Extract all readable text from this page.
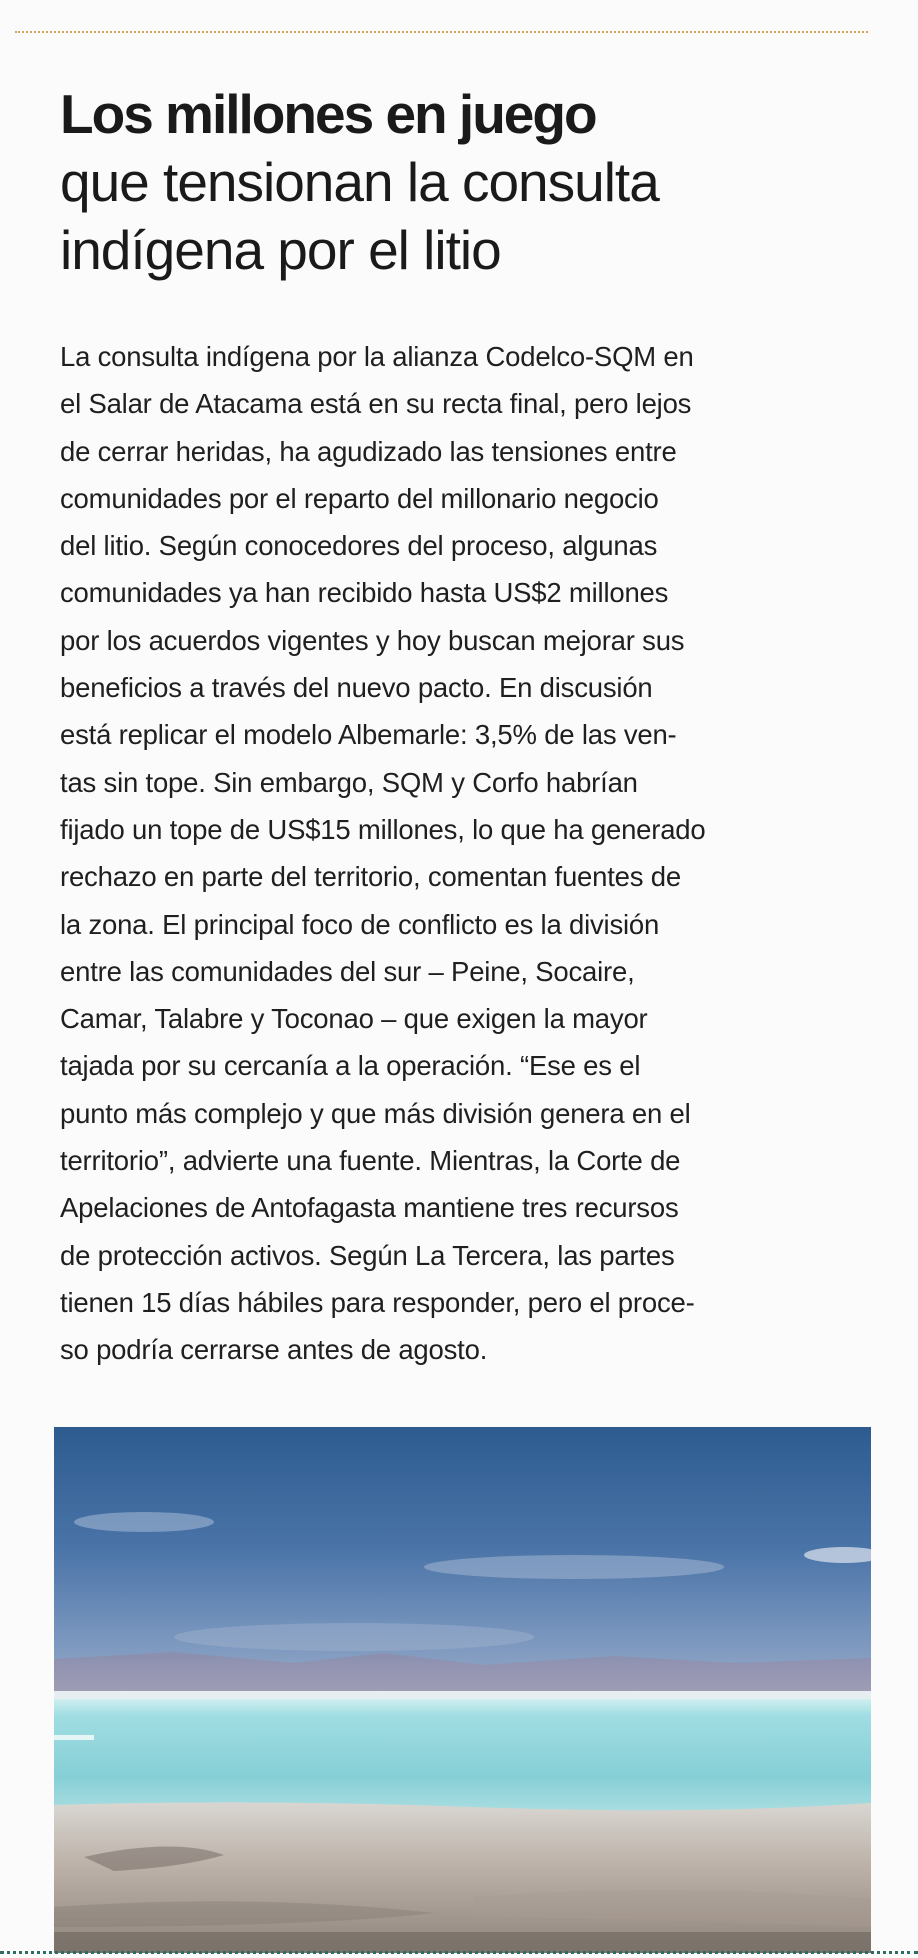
Los millones en juego
que tensionan la consulta
indígena por el litio

La consulta indígena por la alianza Codelco-SQM en
el Salar de Atacama está en su recta final, pero lejos
de cerrar heridas, ha agudizado las tensiones entre
comunidades por el reparto del millonario negocio
del litio. Según conocedores del proceso, algunas
comunidades ya han recibido hasta US$2 millones
por los acuerdos vigentes y hoy buscan mejorar sus
beneficios a través del nuevo pacto. En discusión
está replicar el modelo Albemarle: 3,5% de las ven-
tas sin tope. Sin embargo, SQM y Corfo habrían
fijado un tope de US$15 millones, lo que ha generado
rechazo en parte del territorio, comentan fuentes de
la zona. El principal foco de conflicto es la división
entre las comunidades del sur – Peine, Socaire,
Camar, Talabre y Toconao – que exigen la mayor
tajada por su cercanía a la operación. “Ese es el
punto más complejo y que más división genera en el
territorio”, advierte una fuente. Mientras, la Corte de
Apelaciones de Antofagasta mantiene tres recursos
de protección activos. Según La Tercera, las partes
tienen 15 días hábiles para responder, pero el proce-
so podría cerrarse antes de agosto.
